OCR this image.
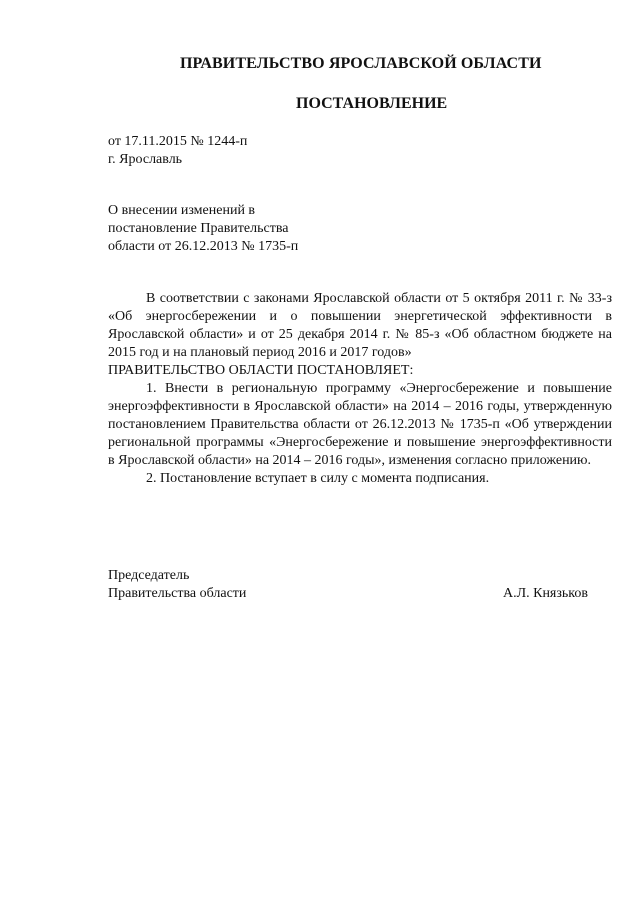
ПРАВИТЕЛЬСТВО ЯРОСЛАВСКОЙ ОБЛАСТИ
ПОСТАНОВЛЕНИЕ
от 17.11.2015 № 1244-п
г. Ярославль
О внесении изменений в
постановление Правительства
области от 26.12.2013 № 1735-п

В соответствии с законами Ярославской области от 5 октября 2011 г. № 33-з «Об энергосбережении и о повышении энергетической эффективности в Ярославской области» и от 25 декабря 2014 г. № 85-з «Об областном бюджете на 2015 год и на плановый период 2016 и 2017 годов»

ПРАВИТЕЛЬСТВО ОБЛАСТИ ПОСТАНОВЛЯЕТ:

1. Внести в региональную программу «Энергосбережение и повышение энергоэффективности в Ярославской области» на 2014 – 2016 годы, утвержденную постановлением Правительства области от 26.12.2013 № 1735-п «Об утверждении региональной программы «Энергосбережение и повышение энергоэффективности в Ярославской области» на 2014 – 2016 годы», изменения согласно приложению.

2. Постановление вступает в силу с момента подписания.

Председатель
Правительства области	А.Л. Князьков
